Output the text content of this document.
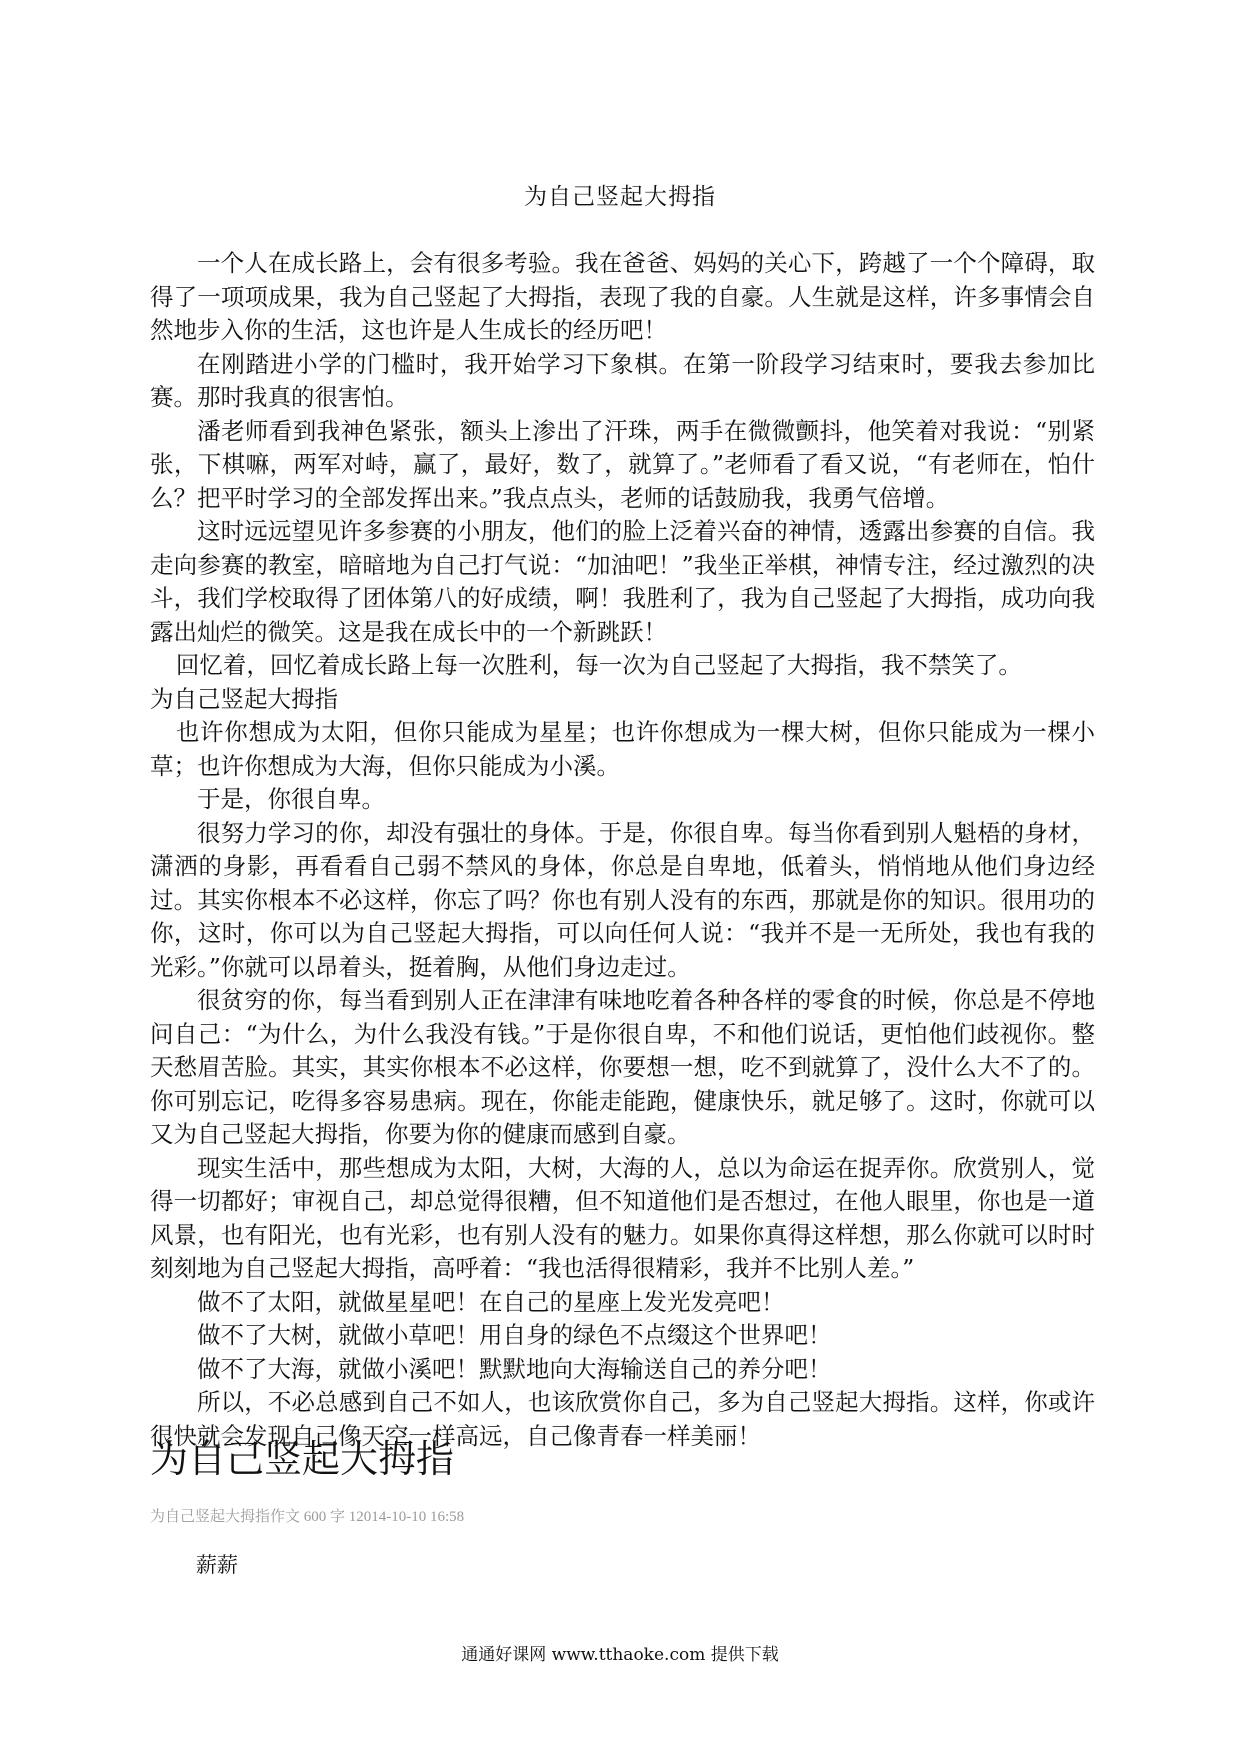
为自己竖起大拇指

一个人在成长路上，会有很多考验。我在爸爸、妈妈的关心下，跨越了一个个障碍，取得了一项项成果，我为自己竖起了大拇指，表现了我的自豪。人生就是这样，许多事情会自然地步入你的生活，这也许是人生成长的经历吧！

在刚踏进小学的门槛时，我开始学习下象棋。在第一阶段学习结束时，要我去参加比赛。那时我真的很害怕。

潘老师看到我神色紧张，额头上渗出了汗珠，两手在微微颤抖，他笑着对我说：“别紧张，下棋嘛，两军对峙，赢了，最好，数了，就算了。”老师看了看又说，“有老师在，怕什么？把平时学习的全部发挥出来。”我点点头，老师的话鼓励我，我勇气倍增。

这时远远望见许多参赛的小朋友，他们的脸上泛着兴奋的神情，透露出参赛的自信。我走向参赛的教室，暗暗地为自己打气说：“加油吧！”我坐正举棋，神情专注，经过激烈的决斗，我们学校取得了团体第八的好成绩，啊！我胜利了，我为自己竖起了大拇指，成功向我露出灿烂的微笑。这是我在成长中的一个新跳跃！

回忆着，回忆着成长路上每一次胜利，每一次为自己竖起了大拇指，我不禁笑了。

为自己竖起大拇指

也许你想成为太阳，但你只能成为星星；也许你想成为一棵大树，但你只能成为一棵小草；也许你想成为大海，但你只能成为小溪。

于是，你很自卑。

很努力学习的你，却没有强壮的身体。于是，你很自卑。每当你看到别人魁梧的身材，潇洒的身影，再看看自己弱不禁风的身体，你总是自卑地，低着头，悄悄地从他们身边经过。其实你根本不必这样，你忘了吗？你也有别人没有的东西，那就是你的知识。很用功的你，这时，你可以为自己竖起大拇指，可以向任何人说：“我并不是一无所处，我也有我的光彩。”你就可以昂着头，挺着胸，从他们身边走过。

很贫穷的你，每当看到别人正在津津有味地吃着各种各样的零食的时候，你总是不停地问自己：“为什么，为什么我没有钱。”于是你很自卑，不和他们说话，更怕他们歧视你。整天愁眉苦脸。其实，其实你根本不必这样，你要想一想，吃不到就算了，没什么大不了的。你可别忘记，吃得多容易患病。现在，你能走能跑，健康快乐，就足够了。这时，你就可以又为自己竖起大拇指，你要为你的健康而感到自豪。

现实生活中，那些想成为太阳，大树，大海的人，总以为命运在捉弄你。欣赏别人，觉得一切都好；审视自己，却总觉得很糟，但不知道他们是否想过，在他人眼里，你也是一道风景，也有阳光，也有光彩，也有别人没有的魅力。如果你真得这样想，那么你就可以时时刻刻地为自己竖起大拇指，高呼着：“我也活得很精彩，我并不比别人差。”

做不了太阳，就做星星吧！在自己的星座上发光发亮吧！

做不了大树，就做小草吧！用自身的绿色不点缀这个世界吧！

做不了大海，就做小溪吧！默默地向大海输送自己的养分吧！

所以，不必总感到自己不如人，也该欣赏你自己，多为自己竖起大拇指。这样，你或许很快就会发现自己像天空一样高远，自己像青春一样美丽！

为自己竖起大拇指
为自己竖起大拇指作文 600 字 12014-10-10 16:58
薪薪
通通好课网 www.tthaoke.com 提供下载
